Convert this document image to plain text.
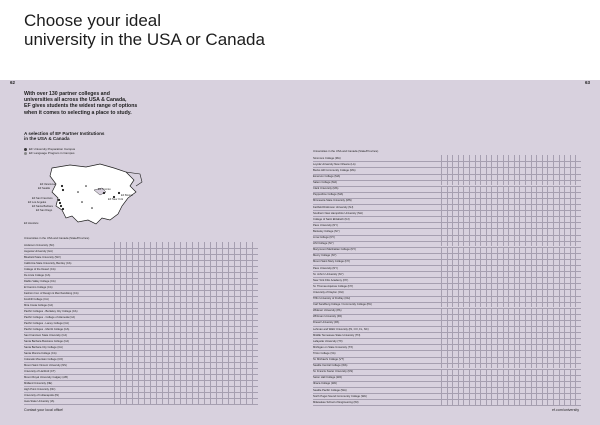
Choose your ideal
university in the USA or Canada
62	63
With over 130 partner colleges and
universities all across the USA & Canada,
EF gives students the widest range of options
when it comes to selecting a place to study.
A selection of EF Partner Institutions
in the USA & Canada
EF University Preparation Campus
EF Language Program in Campus
EF Vancouver
EF Seattle
EF San Francisco
EF Los Angeles
EF Santa Barbara
EF San Diego
EF Honolulu
EF Toronto
EF New York
EF Boston
Universities in the USA and Canada (State/Province)
Anderson University (SC)
Augusta University (GA)
Bluefield State University (WV)
California State University, Bentley (CA)
College of the Desert (CA)
De Anza College (CA)
Diablo Valley College (CA)
El Camino College (CA)
Fashion Inst. of Design & Merchandising (CA)
Foothill College (CA)
Mira Costa College (CA)
Pacific Colleges - Berkeley City College (CA)
Pacific Colleges - College of Alameda (CA)
Pacific Colleges - Laney College (CA)
Pacific Colleges - Merritt College (CA)
San Francisco State University (CA)
Santa Barbara Business College (CA)
Santa Barbara City College (CA)
Santa Monica College (CA)
Colorado Mountain College (CO)
Mount Saint Vincent University (NS)
University of Hartford (CT)
Mount Royal University Calgary (AB)
Midland University (NE)
High Point University (NC)
University of Indianapolis (IN)
Iowa State University (IA)
Universities in the USA and Canada (State/Province)
Simmons College (MA)
Loyola University New Orleans (LA)
Bucks Hill Community College (MA)
Emerson College (MA)
Salem College (MA)
Clark University (MA)
Pepperdine College (MA)
Minnesota State University (MN)
Fairfield Dickinson University (NJ)
Southern New Hampshire University (NH)
College of Saint Elizabeth (NJ)
Pace University (NY)
Berkeley College (NY)
Lima College (NY)
LIM College (NY)
Marymount Manhattan College (NY)
Mercy College (NY)
Mount Saint Mary College (NY)
Pace University (NY)
St. John's University (NY)
New York Film Academy (NY)
St. Thomas Aquinas College (NY)
University of Dayton (OH)
Tiffin University of Findlay (OH)
Carl Sandburg College / Community College (PA)
Widener University (PA)
Whitman University (PA)
Drexel University (PA)
Lehman and Waltz University (IN, CO, FL, NC)
Middle Tennessee State University (TN)
Lafayette University (TX)
Michigan on State University (TX)
Triton College (VA)
St. Michael's College (VT)
Seattle Central College (WA)
St. Francis Xavier University (NS)
Seton Hall College (WA)
Ithaca College (WA)
Seattle Pacific College (WA)
North Puget Sound Community College (WA)
Milwaukee School of Engineering (WI)
Contact your local office!	ef.com/university
